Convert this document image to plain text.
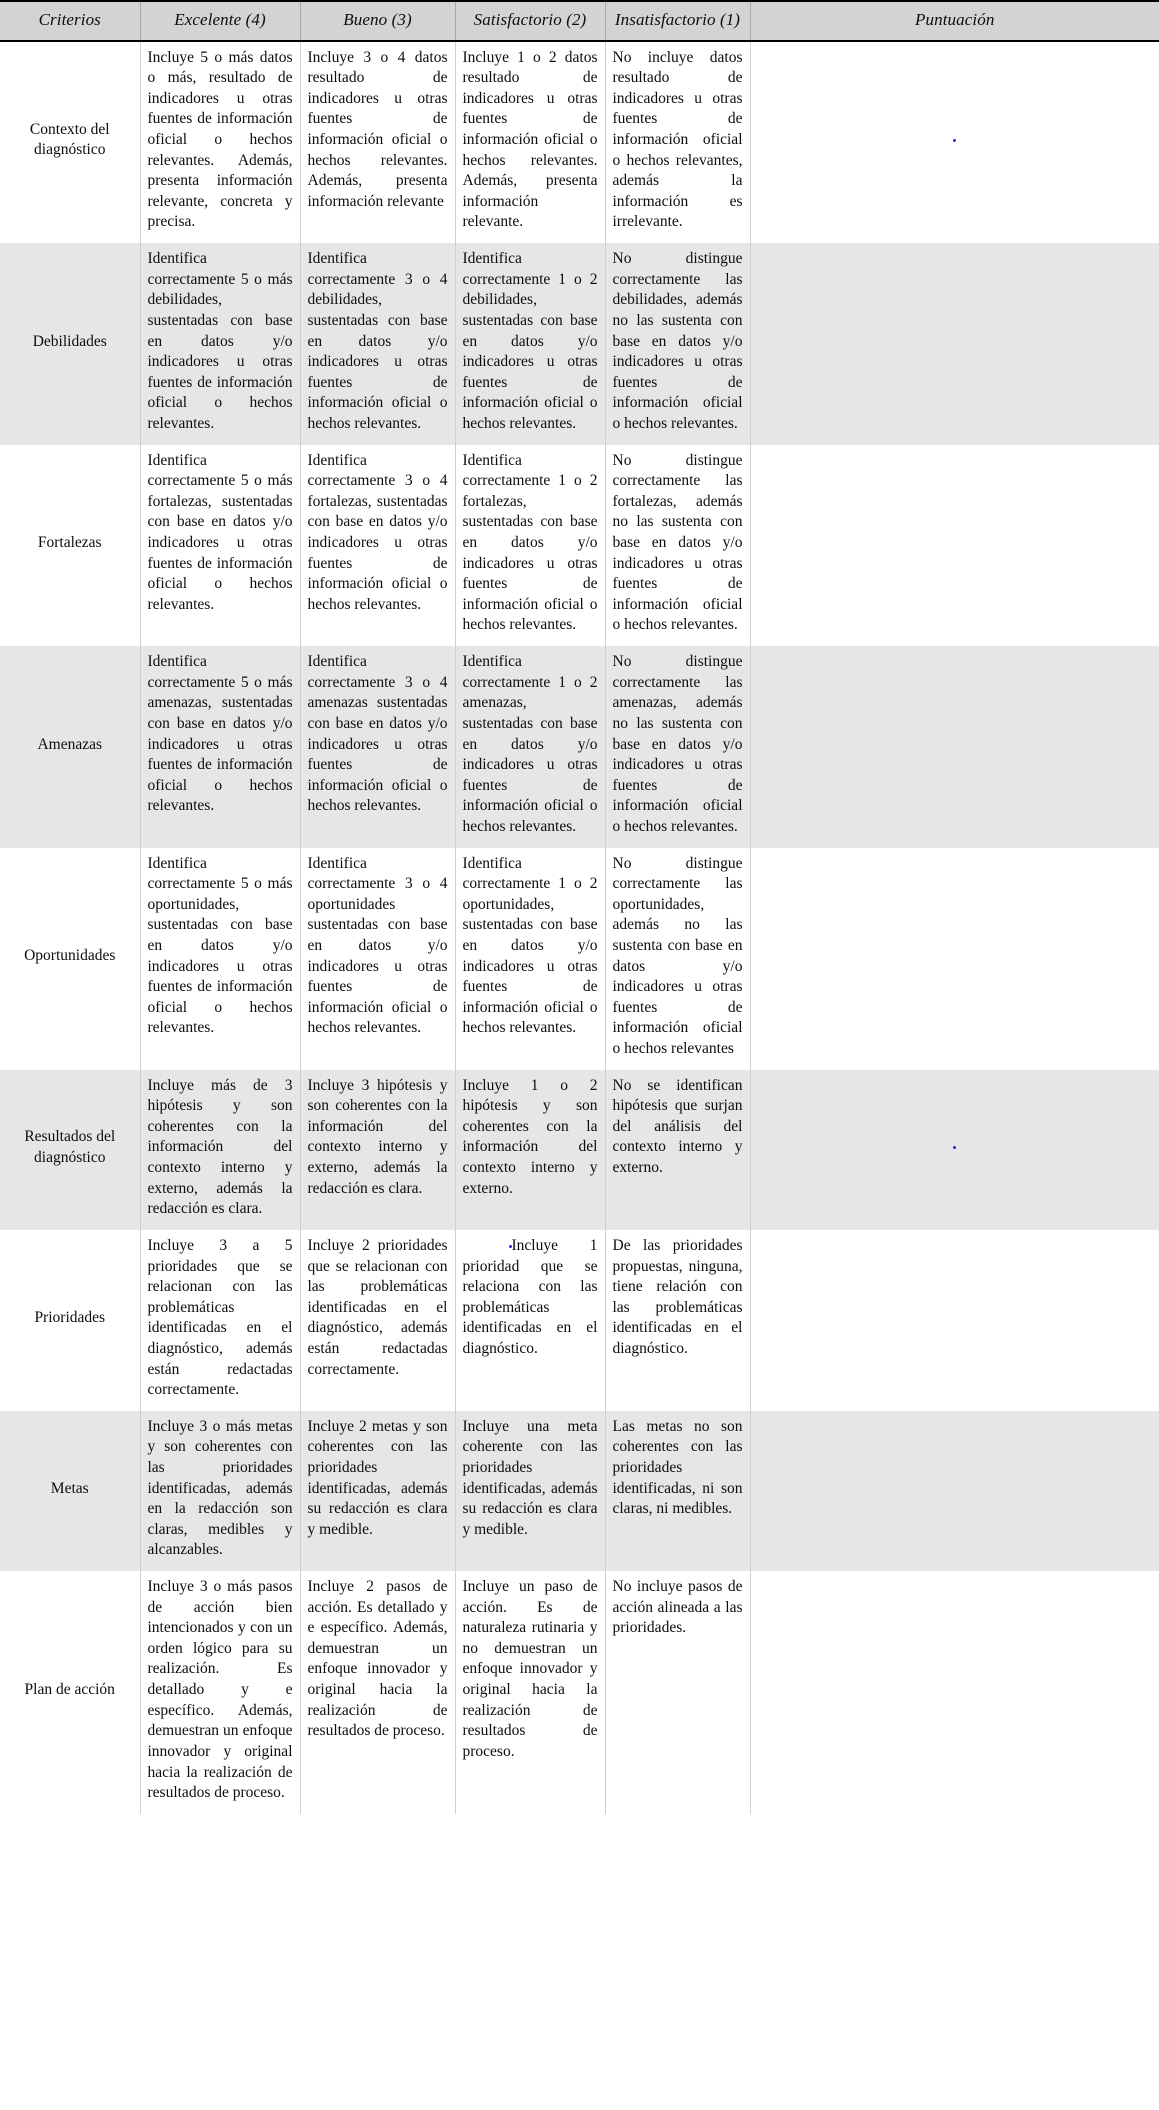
Criterios	Excelente (4)	Bueno (3)	Satisfactorio (2)	Insatisfactorio (1)	Puntuación
Contexto del diagnóstico	Incluye 5 o más datos o más, resultado de indicadores u otras fuentes de información oficial o hechos relevantes. Además, presenta información relevante, concreta y precisa.	Incluye 3 o 4 datos resultado de indicadores u otras fuentes de información oficial o hechos relevantes. Además, presenta información relevante	Incluye 1 o 2 datos resultado de indicadores u otras fuentes de información oficial o hechos relevantes. Además, presenta información relevante.	No incluye datos resultado de indicadores u otras fuentes de información oficial o hechos relevantes, además la información es irrelevante.	
Debilidades	Identifica correctamente 5 o más debilidades, sustentadas con base en datos y/o indicadores u otras fuentes de información oficial o hechos relevantes.	Identifica correctamente 3 o 4 debilidades, sustentadas con base en datos y/o indicadores u otras fuentes de información oficial o hechos relevantes.	Identifica correctamente 1 o 2 debilidades, sustentadas con base en datos y/o indicadores u otras fuentes de información oficial o hechos relevantes.	No distingue correctamente las debilidades, además no las sustenta con base en datos y/o indicadores u otras fuentes de información oficial o hechos relevantes.	
Fortalezas	Identifica correctamente 5 o más fortalezas, sustentadas con base en datos y/o indicadores u otras fuentes de información oficial o hechos relevantes.	Identifica correctamente 3 o 4 fortalezas, sustentadas con base en datos y/o indicadores u otras fuentes de información oficial o hechos relevantes.	Identifica correctamente 1 o 2 fortalezas, sustentadas con base en datos y/o indicadores u otras fuentes de información oficial o hechos relevantes.	No distingue correctamente las fortalezas, además no las sustenta con base en datos y/o indicadores u otras fuentes de información oficial o hechos relevantes.	
Amenazas	Identifica correctamente 5 o más amenazas, sustentadas con base en datos y/o indicadores u otras fuentes de información oficial o hechos relevantes.	Identifica correctamente 3 o 4 amenazas sustentadas con base en datos y/o indicadores u otras fuentes de información oficial o hechos relevantes.	Identifica correctamente 1 o 2 amenazas, sustentadas con base en datos y/o indicadores u otras fuentes de información oficial o hechos relevantes.	No distingue correctamente las amenazas, además no las sustenta con base en datos y/o indicadores u otras fuentes de información oficial o hechos relevantes.	
Oportunidades	Identifica correctamente 5 o más oportunidades, sustentadas con base en datos y/o indicadores u otras fuentes de información oficial o hechos relevantes.	Identifica correctamente 3 o 4 oportunidades sustentadas con base en datos y/o indicadores u otras fuentes de información oficial o hechos relevantes.	Identifica correctamente 1 o 2 oportunidades, sustentadas con base en datos y/o indicadores u otras fuentes de información oficial o hechos relevantes.	No distingue correctamente las oportunidades, además no las sustenta con base en datos y/o indicadores u otras fuentes de información oficial o hechos relevantes	
Resultados del diagnóstico	Incluye más de 3 hipótesis y son coherentes con la información del contexto interno y externo, además la redacción es clara.	Incluye 3 hipótesis y son coherentes con la información del contexto interno y externo, además la redacción es clara.	Incluye 1 o 2 hipótesis y son coherentes con la información del contexto interno y externo.	No se identifican hipótesis que surjan del análisis del contexto interno y externo.	
Prioridades	Incluye 3 a 5 prioridades que se relacionan con las problemáticas identificadas en el diagnóstico, además están redactadas correctamente.	Incluye 2 prioridades que se relacionan con las problemáticas identificadas en el diagnóstico, además están redactadas correctamente.	Incluye 1 prioridad que se relaciona con las problemáticas identificadas en el diagnóstico.	De las prioridades propuestas, ninguna, tiene relación con las problemáticas identificadas en el diagnóstico.	
Metas	Incluye 3 o más metas y son coherentes con las prioridades identificadas, además en la redacción son claras, medibles y alcanzables.	Incluye 2 metas y son coherentes con las prioridades identificadas, además su redacción es clara y medible.	Incluye una meta coherente con las prioridades identificadas, además su redacción es clara y medible.	Las metas no son coherentes con las prioridades identificadas, ni son claras, ni medibles.	
Plan de acción	Incluye 3 o más pasos de acción bien intencionados y con un orden lógico para su realización. Es detallado y e específico. Además, demuestran un enfoque innovador y original hacia la realización de resultados de proceso.	Incluye 2 pasos de acción. Es detallado y e específico. Además, demuestran un enfoque innovador y original hacia la realización de resultados de proceso.	Incluye un paso de acción. Es de naturaleza rutinaria y no demuestran un enfoque innovador y original hacia la realización de resultados de proceso.	No incluye pasos de acción alineada a las prioridades.	
